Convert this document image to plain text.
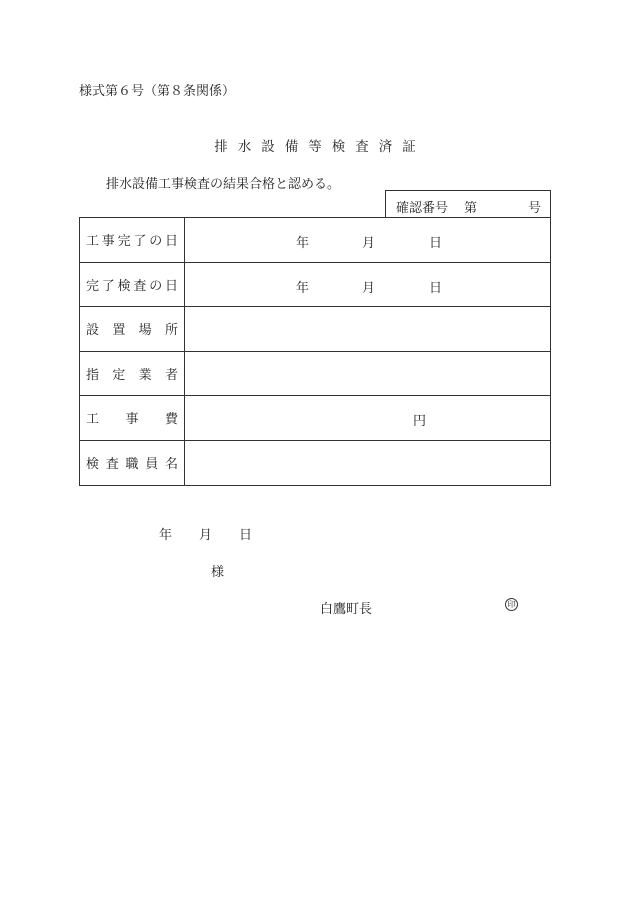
様式第６号（第８条関係）
排水設備等検査済証
排水設備工事検査の結果合格と認める。
確認番号 第	号
工事完了の日	年	月	日
完了検査の日	年	月	日
設置場所
指定業者
工事費	円
検査職員名
年 月 日
様
白鷹町長	印
